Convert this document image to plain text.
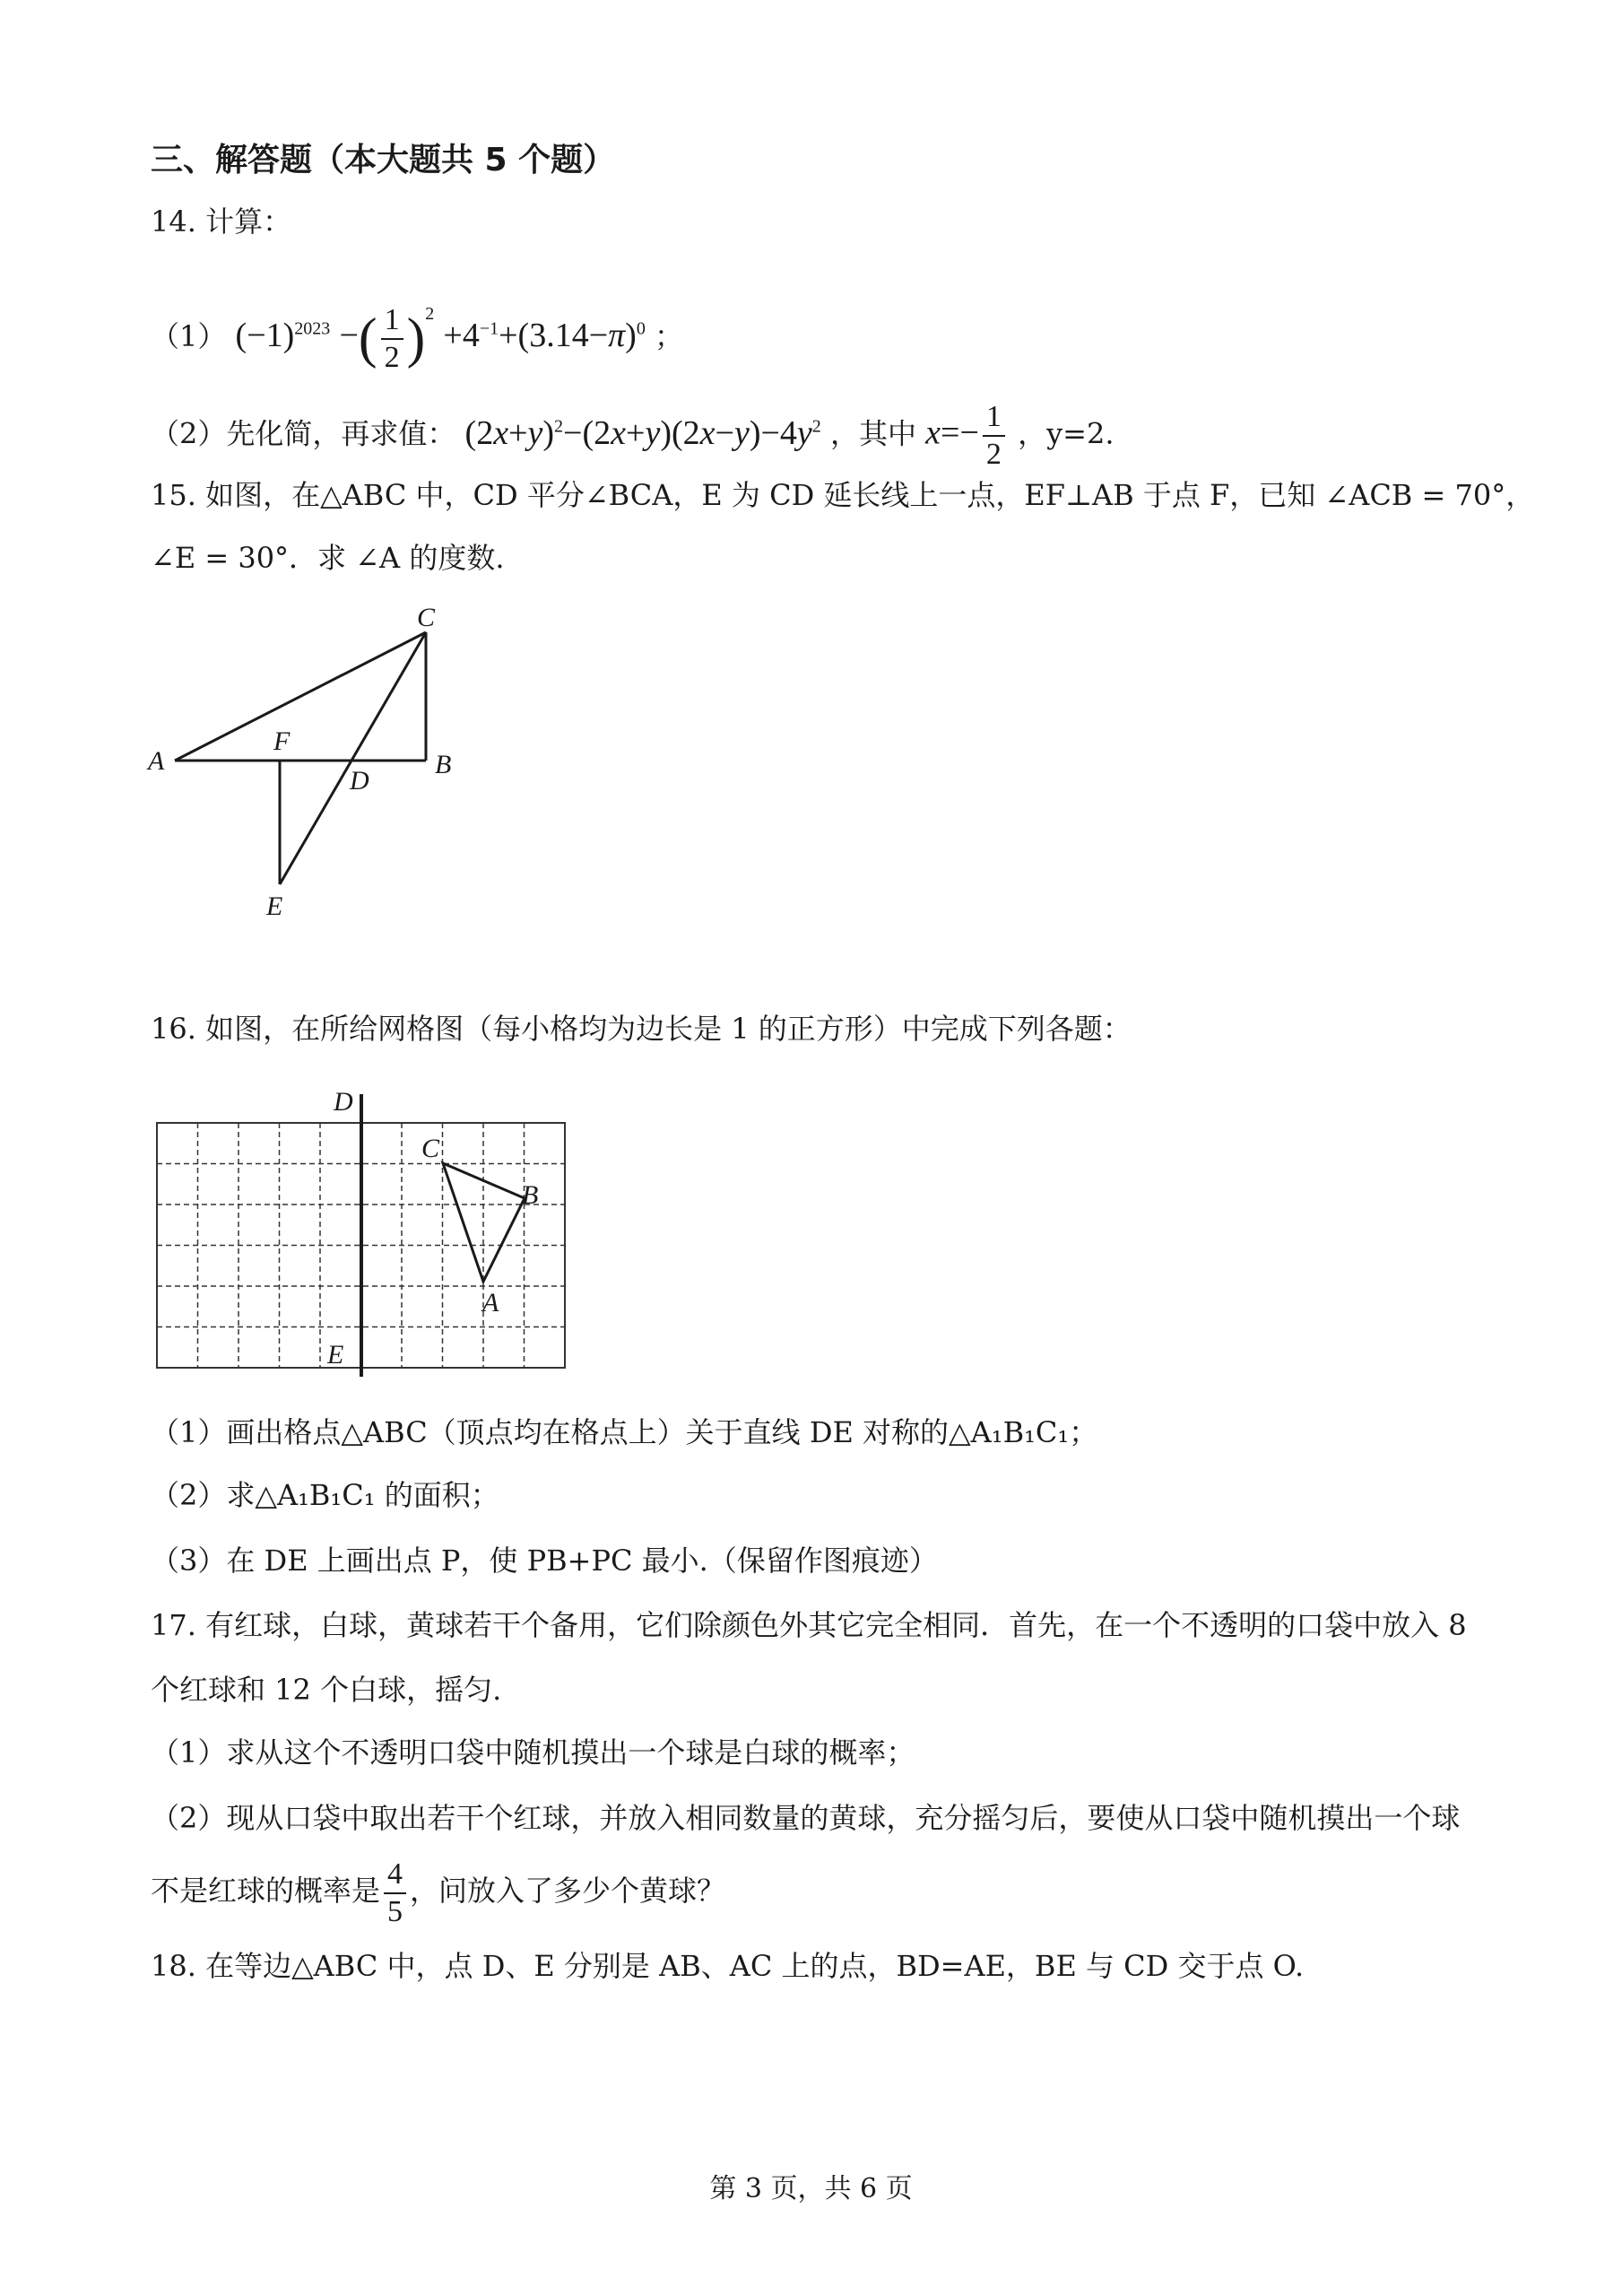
三、解答题（本大题共 5 个题）
14. 计算：
（1） $(-1)^{2023}$ −( $\frac{1}{2} )^2 +4^{-1}+(3.14-\pi)^0$ ；
（2）先化简，再求值： $(2x+y)^2-(2x+y)(2x-y)-4y^2$ ，其中 $x=- \frac{1}{2}$ ，y=2.
15. 如图，在△ABC 中，CD 平分∠BCA，E 为 CD 延长线上一点，EF⊥AB 于点 F，已知 ∠ACB = 70°，
∠E = 30°．求 ∠A 的度数.
C
A	B
F
D
E
16. 如图，在所给网格图（每小格均为边长是 1 的正方形）中完成下列各题：
D
E
C
B
A
（1）画出格点△ABC（顶点均在格点上）关于直线 DE 对称的△A₁B₁C₁；
（2）求△A₁B₁C₁ 的面积；
（3）在 DE 上画出点 P，使 PB+PC 最小.（保留作图痕迹）
17. 有红球，白球，黄球若干个备用，它们除颜色外其它完全相同．首先，在一个不透明的口袋中放入 8
个红球和 12 个白球，摇匀.
（1）求从这个不透明口袋中随机摸出一个球是白球的概率；
（2）现从口袋中取出若干个红球，并放入相同数量的黄球，充分摇匀后，要使从口袋中随机摸出一个球
不是红球的概率是 $\frac{4}{5}$ ，问放入了多少个黄球？
18. 在等边△ABC 中，点 D、E 分别是 AB、AC 上的点，BD=AE，BE 与 CD 交于点 O.
第 3 页，共 6 页
